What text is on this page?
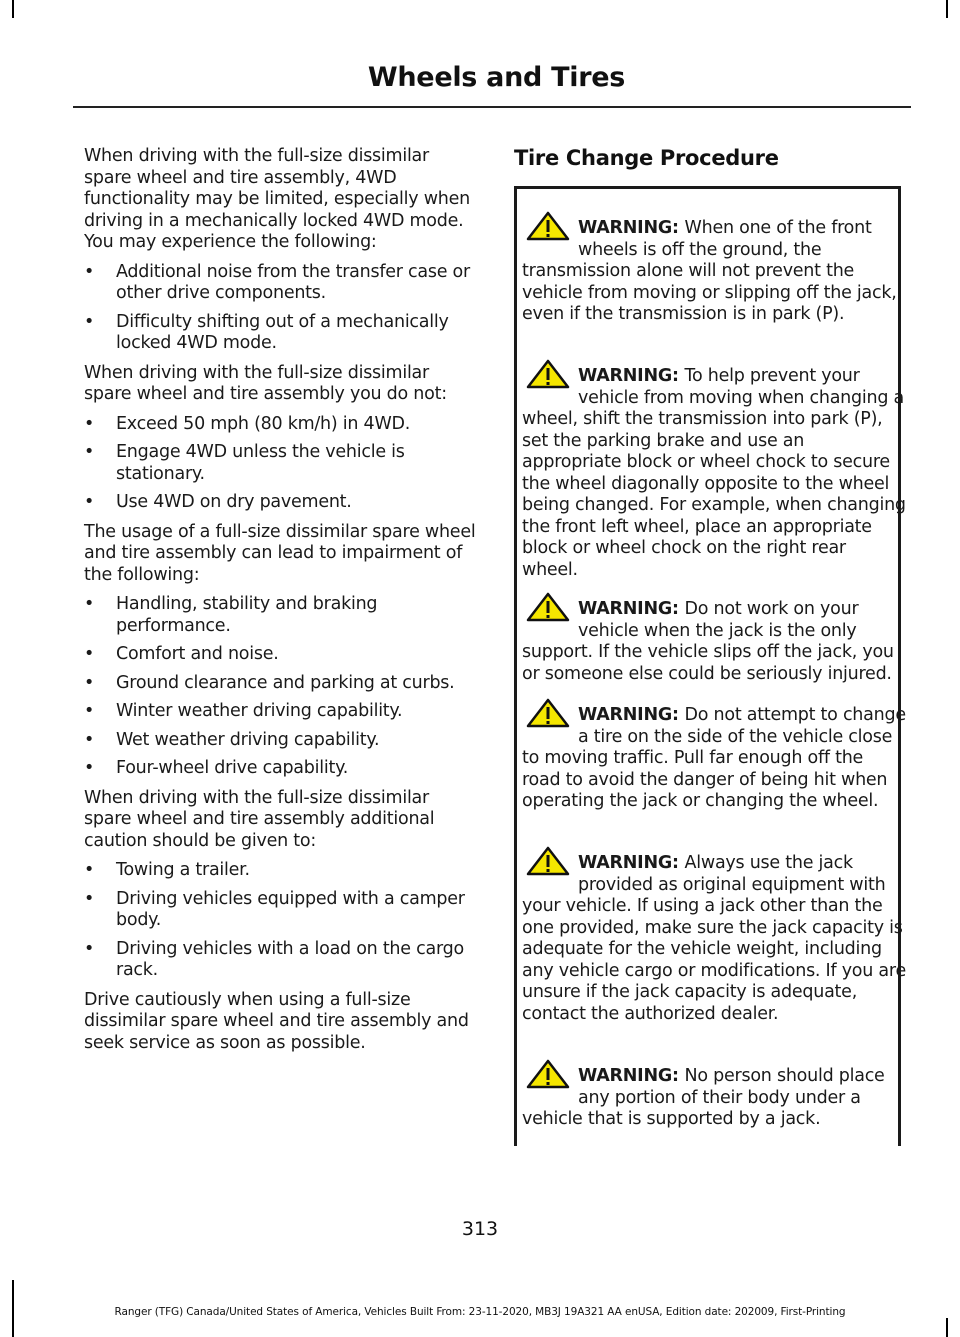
Wheels and Tires

When driving with the full-size dissimilar spare wheel and tire assembly, 4WD functionality may be limited, especially when driving in a mechanically locked 4WD mode. You may experience the following:

• Additional noise from the transfer case or other drive components.
• Difficulty shifting out of a mechanically locked 4WD mode.

When driving with the full-size dissimilar spare wheel and tire assembly you do not:

• Exceed 50 mph (80 km/h) in 4WD.
• Engage 4WD unless the vehicle is stationary.
• Use 4WD on dry pavement.

The usage of a full-size dissimilar spare wheel and tire assembly can lead to impairment of the following:

• Handling, stability and braking performance.
• Comfort and noise.
• Ground clearance and parking at curbs.
• Winter weather driving capability.
• Wet weather driving capability.
• Four-wheel drive capability.

When driving with the full-size dissimilar spare wheel and tire assembly additional caution should be given to:

• Towing a trailer.
• Driving vehicles equipped with a camper body.
• Driving vehicles with a load on the cargo rack.

Drive cautiously when using a full-size dissimilar spare wheel and tire assembly and seek service as soon as possible.

Tire Change Procedure
WARNING: When one of the front wheels is off the ground, the transmission alone will not prevent the vehicle from moving or slipping off the jack, even if the transmission is in park (P).
WARNING: To help prevent your vehicle from moving when changing a wheel, shift the transmission into park (P), set the parking brake and use an appropriate block or wheel chock to secure the wheel diagonally opposite to the wheel being changed. For example, when changing the front left wheel, place an appropriate block or wheel chock on the right rear wheel.
WARNING: Do not work on your vehicle when the jack is the only support. If the vehicle slips off the jack, you or someone else could be seriously injured.
WARNING: Do not attempt to change a tire on the side of the vehicle close to moving traffic. Pull far enough off the road to avoid the danger of being hit when operating the jack or changing the wheel.
WARNING: Always use the jack provided as original equipment with your vehicle. If using a jack other than the one provided, make sure the jack capacity is adequate for the vehicle weight, including any vehicle cargo or modifications. If you are unsure if the jack capacity is adequate, contact the authorized dealer.
WARNING: No person should place any portion of their body under a vehicle that is supported by a jack.
313
Ranger (TFG) Canada/United States of America, Vehicles Built From: 23-11-2020, MB3J 19A321 AA enUSA, Edition date: 202009, First-Printing
